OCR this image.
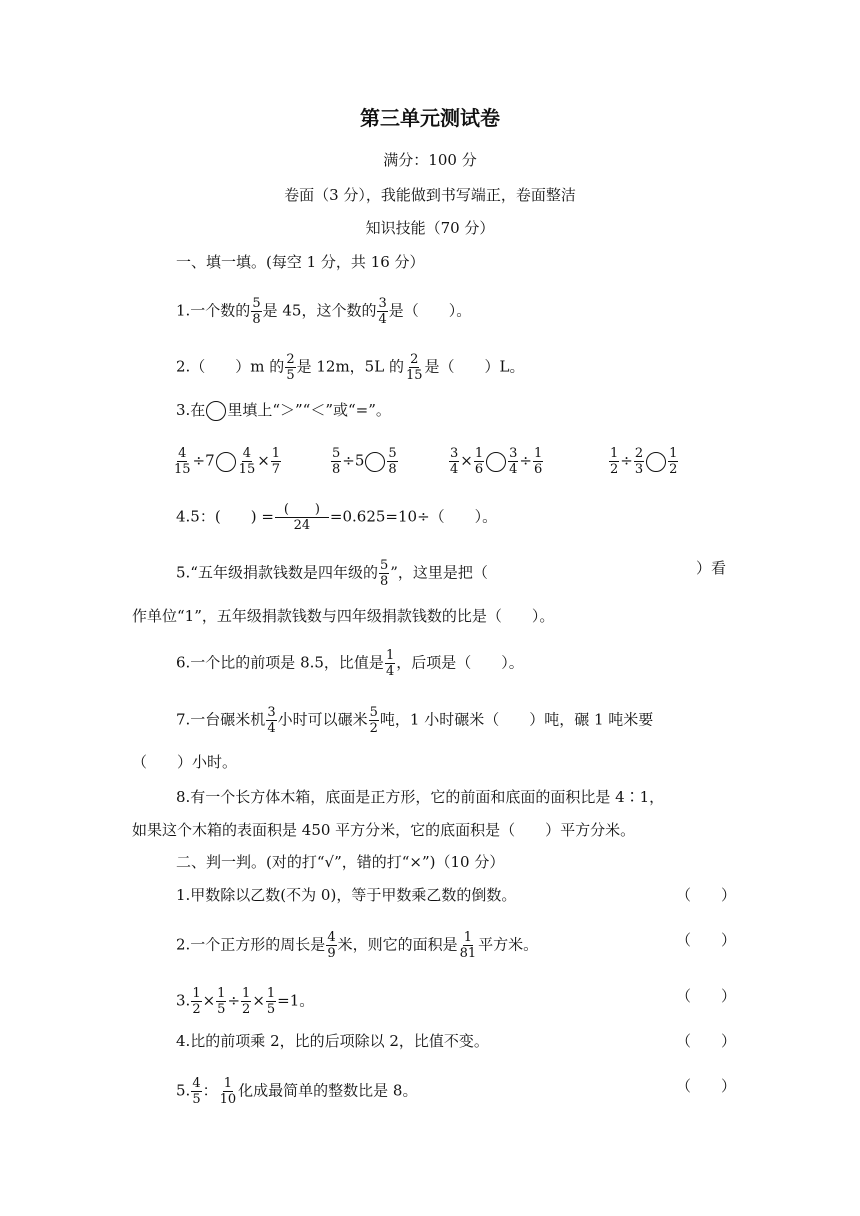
第三单元测试卷
满分：100 分
卷面（3 分），我能做到书写端正，卷面整洁
知识技能（70 分）
一、填一填。(每空 1 分，共 16 分）
1.一个数的 $\frac{5}{8}$ 是 45，这个数的 $\frac{3}{4}$ 是（　　）。
2.（　　）m 的 $\frac{2}{5}$ 是 12m，5L 的 $\frac{2}{15}$ 是（　　）L。
3.在 里填上“＞”“＜”或“=”。
$\frac{4}{15} \div 7 \frac{4}{15} \times \frac{1}{7}$	$\frac{5}{8} \div 5 \frac{5}{8}$	$\frac{3}{4} \times \frac{1}{6} \frac{3}{4} \div \frac{1}{6}$	$\frac{1}{2} \div \frac{2}{3} \frac{1}{2}$
4.5：(　　) = (　　)
24 =0.625=10÷（　　）。
5.“五年级捐款钱数是四年级的 $\frac{5}{8}$ ”，这里是把（	）看
作单位“1”，五年级捐款钱数与四年级捐款钱数的比是（　　）。
6.一个比的前项是 8.5，比值是 $\frac{1}{4}$ ，后项是（　　）。
7.一台碾米机 $\frac{3}{4}$ 小时可以碾米 $\frac{5}{2}$ 吨，1 小时碾米（　　）吨，碾 1 吨米要
（　　）小时。
8.有一个长方体木箱，底面是正方形，它的前面和底面的面积比是 4∶1，
如果这个木箱的表面积是 450 平方分米，它的底面积是（　　）平方分米。
二、判一判。(对的打“√”，错的打“×”)（10 分）
1.甲数除以乙数(不为 0)，等于甲数乘乙数的倒数。	（　　）
2.一个正方形的周长是 $\frac{4}{9}$ 米，则它的面积是 $\frac{1}{81}$ 平方米。	（　　）
3. $\frac{1}{2} \times \frac{1}{5} \div \frac{1}{2} \times \frac{1}{5} =1$。	（　　）
4.比的前项乘 2，比的后项除以 2，比值不变。	（　　）
5. $\frac{4}{5}$ ： $\frac{1}{10}$ 化成最简单的整数比是 8。	（　　）
